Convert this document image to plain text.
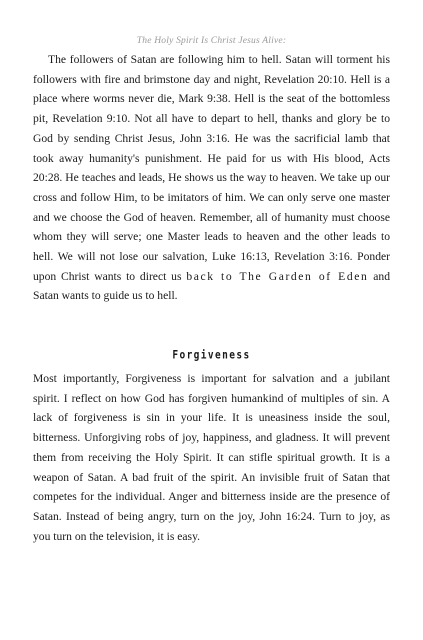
The Holy Spirit Is Christ Jesus Alive:

The followers of Satan are following him to hell. Satan will torment his followers with fire and brimstone day and night, Revelation 20:10. Hell is a place where worms never die, Mark 9:38. Hell is the seat of the bottomless pit, Revelation 9:10. Not all have to depart to hell, thanks and glory be to God by sending Christ Jesus, John 3:16. He was the sacrificial lamb that took away humanity's punishment. He paid for us with His blood, Acts 20:28. He teaches and leads, He shows us the way to heaven. We take up our cross and follow Him, to be imitators of him. We can only serve one master and we choose the God of heaven. Remember, all of humanity must choose whom they will serve; one Master leads to heaven and the other leads to hell. We will not lose our salvation, Luke 16:13, Revelation 3:16. Ponder upon Christ wants to direct us back to The Garden of Eden and Satan wants to guide us to hell.

Forgiveness

Most importantly, Forgiveness is important for salvation and a jubilant spirit. I reflect on how God has forgiven humankind of multiples of sin. A lack of forgiveness is sin in your life. It is uneasiness inside the soul, bitterness. Unforgiving robs of joy, happiness, and gladness. It will prevent them from receiving the Holy Spirit. It can stifle spiritual growth. It is a weapon of Satan. A bad fruit of the spirit. An invisible fruit of Satan that competes for the individual. Anger and bitterness inside are the presence of Satan. Instead of being angry, turn on the joy, John 16:24. Turn to joy, as you turn on the television, it is easy.
